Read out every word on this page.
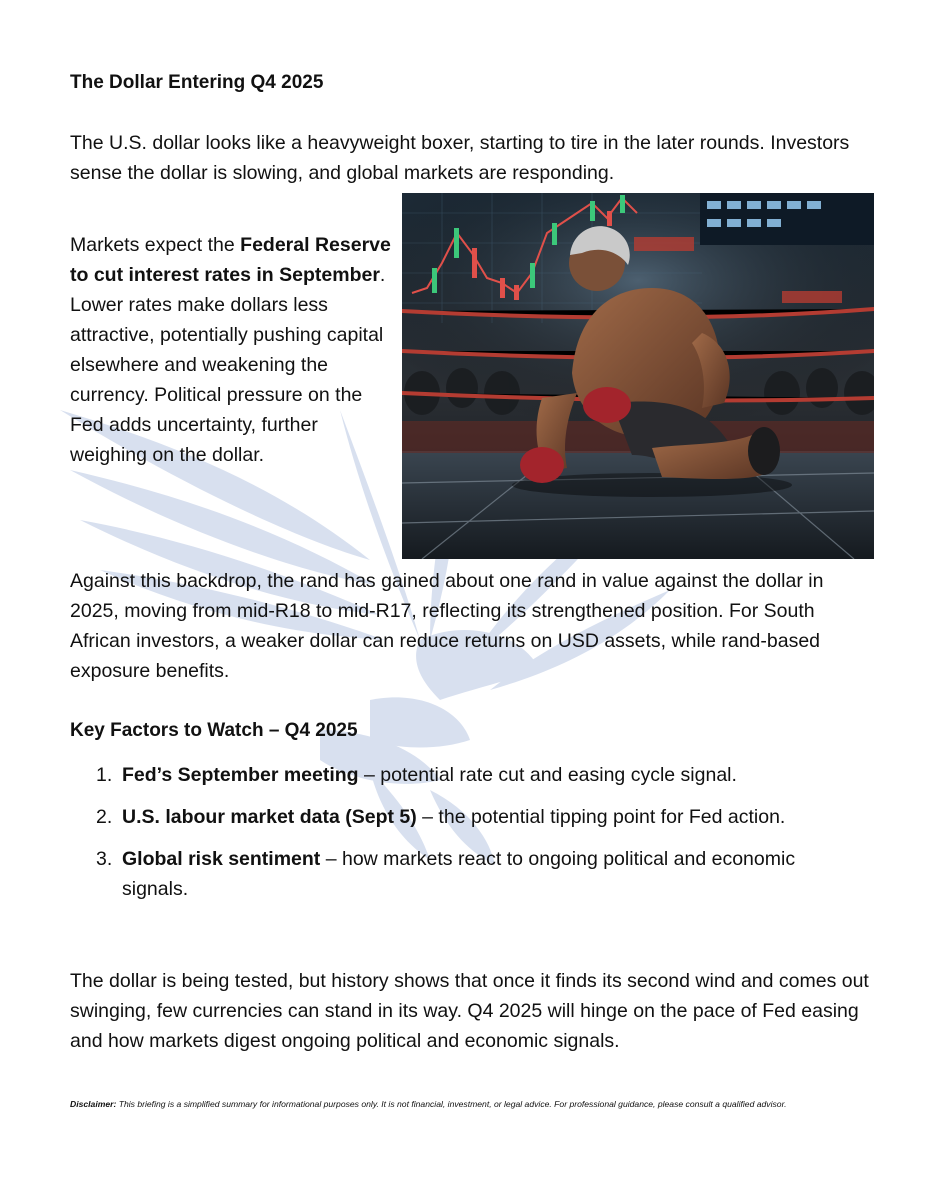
The Dollar Entering Q4 2025

The U.S. dollar looks like a heavyweight boxer, starting to tire in the later rounds. Investors sense the dollar is slowing, and global markets are responding.

Markets expect the Federal Reserve to cut interest rates in September. Lower rates make dollars less attractive, potentially pushing capital elsewhere and weakening the currency. Political pressure on the Fed adds uncertainty, further weighing on the dollar.

Against this backdrop, the rand has gained about one rand in value against the dollar in 2025, moving from mid-R18 to mid-R17, reflecting its strengthened position. For South African investors, a weaker dollar can reduce returns on USD assets, while rand-based exposure benefits.

Key Factors to Watch – Q4 2025
1. Fed’s September meeting – potential rate cut and easing cycle signal.
2. U.S. labour market data (Sept 5) – the potential tipping point for Fed action.
3. Global risk sentiment – how markets react to ongoing political and economic signals.

The dollar is being tested, but history shows that once it finds its second wind and comes out swinging, few currencies can stand in its way. Q4 2025 will hinge on the pace of Fed easing and how markets digest ongoing political and economic signals.

Disclaimer: This briefing is a simplified summary for informational purposes only. It is not financial, investment, or legal advice. For professional guidance, please consult a qualified advisor.
